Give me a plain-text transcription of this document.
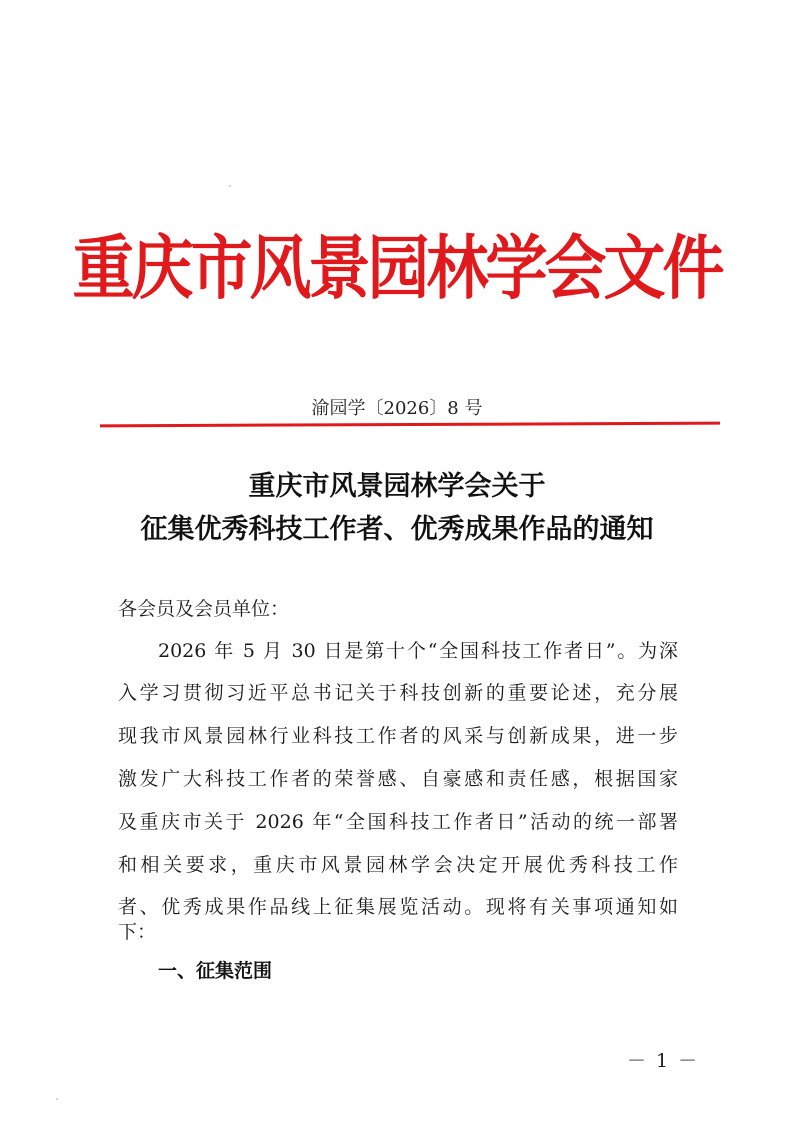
重庆市风景园林学会文件
渝园学〔2026〕8 号
重庆市风景园林学会关于
征集优秀科技工作者、优秀成果作品的通知
各会员及会员单位：
2026 年 5 月 30 日是第十个“全国科技工作者日”。为深
入学习贯彻习近平总书记关于科技创新的重要论述，充分展
现我市风景园林行业科技工作者的风采与创新成果，进一步
激发广大科技工作者的荣誉感、自豪感和责任感，根据国家
及重庆市关于 2026 年“全国科技工作者日”活动的统一部署
和相关要求，重庆市风景园林学会决定开展优秀科技工作
者、优秀成果作品线上征集展览活动。现将有关事项通知如
下：
一、征集范围
－ 1 －
